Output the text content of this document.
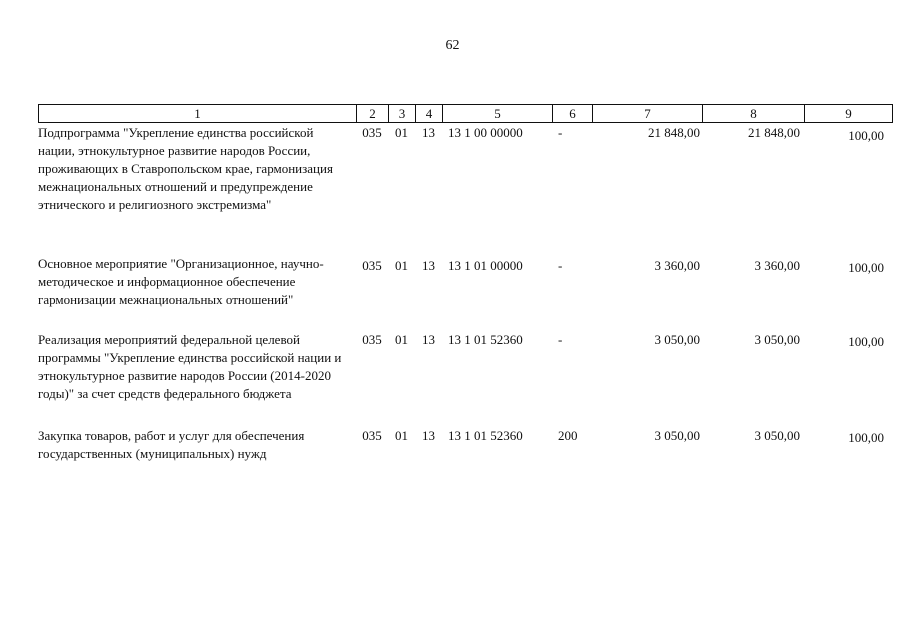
62
1	2	3	4	5	6	7	8	9
Подпрограмма "Укрепление единства российской нации, этнокультурное развитие народов России, проживающих в Ставропольском крае, гармонизация межнациональных отношений и предупреждение этнического и религиозного экстремизма"
035	01	13	13 1 00 00000	-	21 848,00	21 848,00	100,00
Основное мероприятие "Организационное, научно-методическое и информационное обеспечение гармонизации межнациональных отношений"
035	01	13	13 1 01 00000	-	3 360,00	3 360,00	100,00
Реализация мероприятий федеральной целевой программы "Укрепление единства российской нации и этнокультурное развитие народов России (2014-2020 годы)" за счет средств федерального бюджета
035	01	13	13 1 01 52360	-	3 050,00	3 050,00	100,00
Закупка товаров, работ и услуг для обеспечения государственных (муниципальных) нужд
035	01	13	13 1 01 52360	200	3 050,00	3 050,00	100,00
